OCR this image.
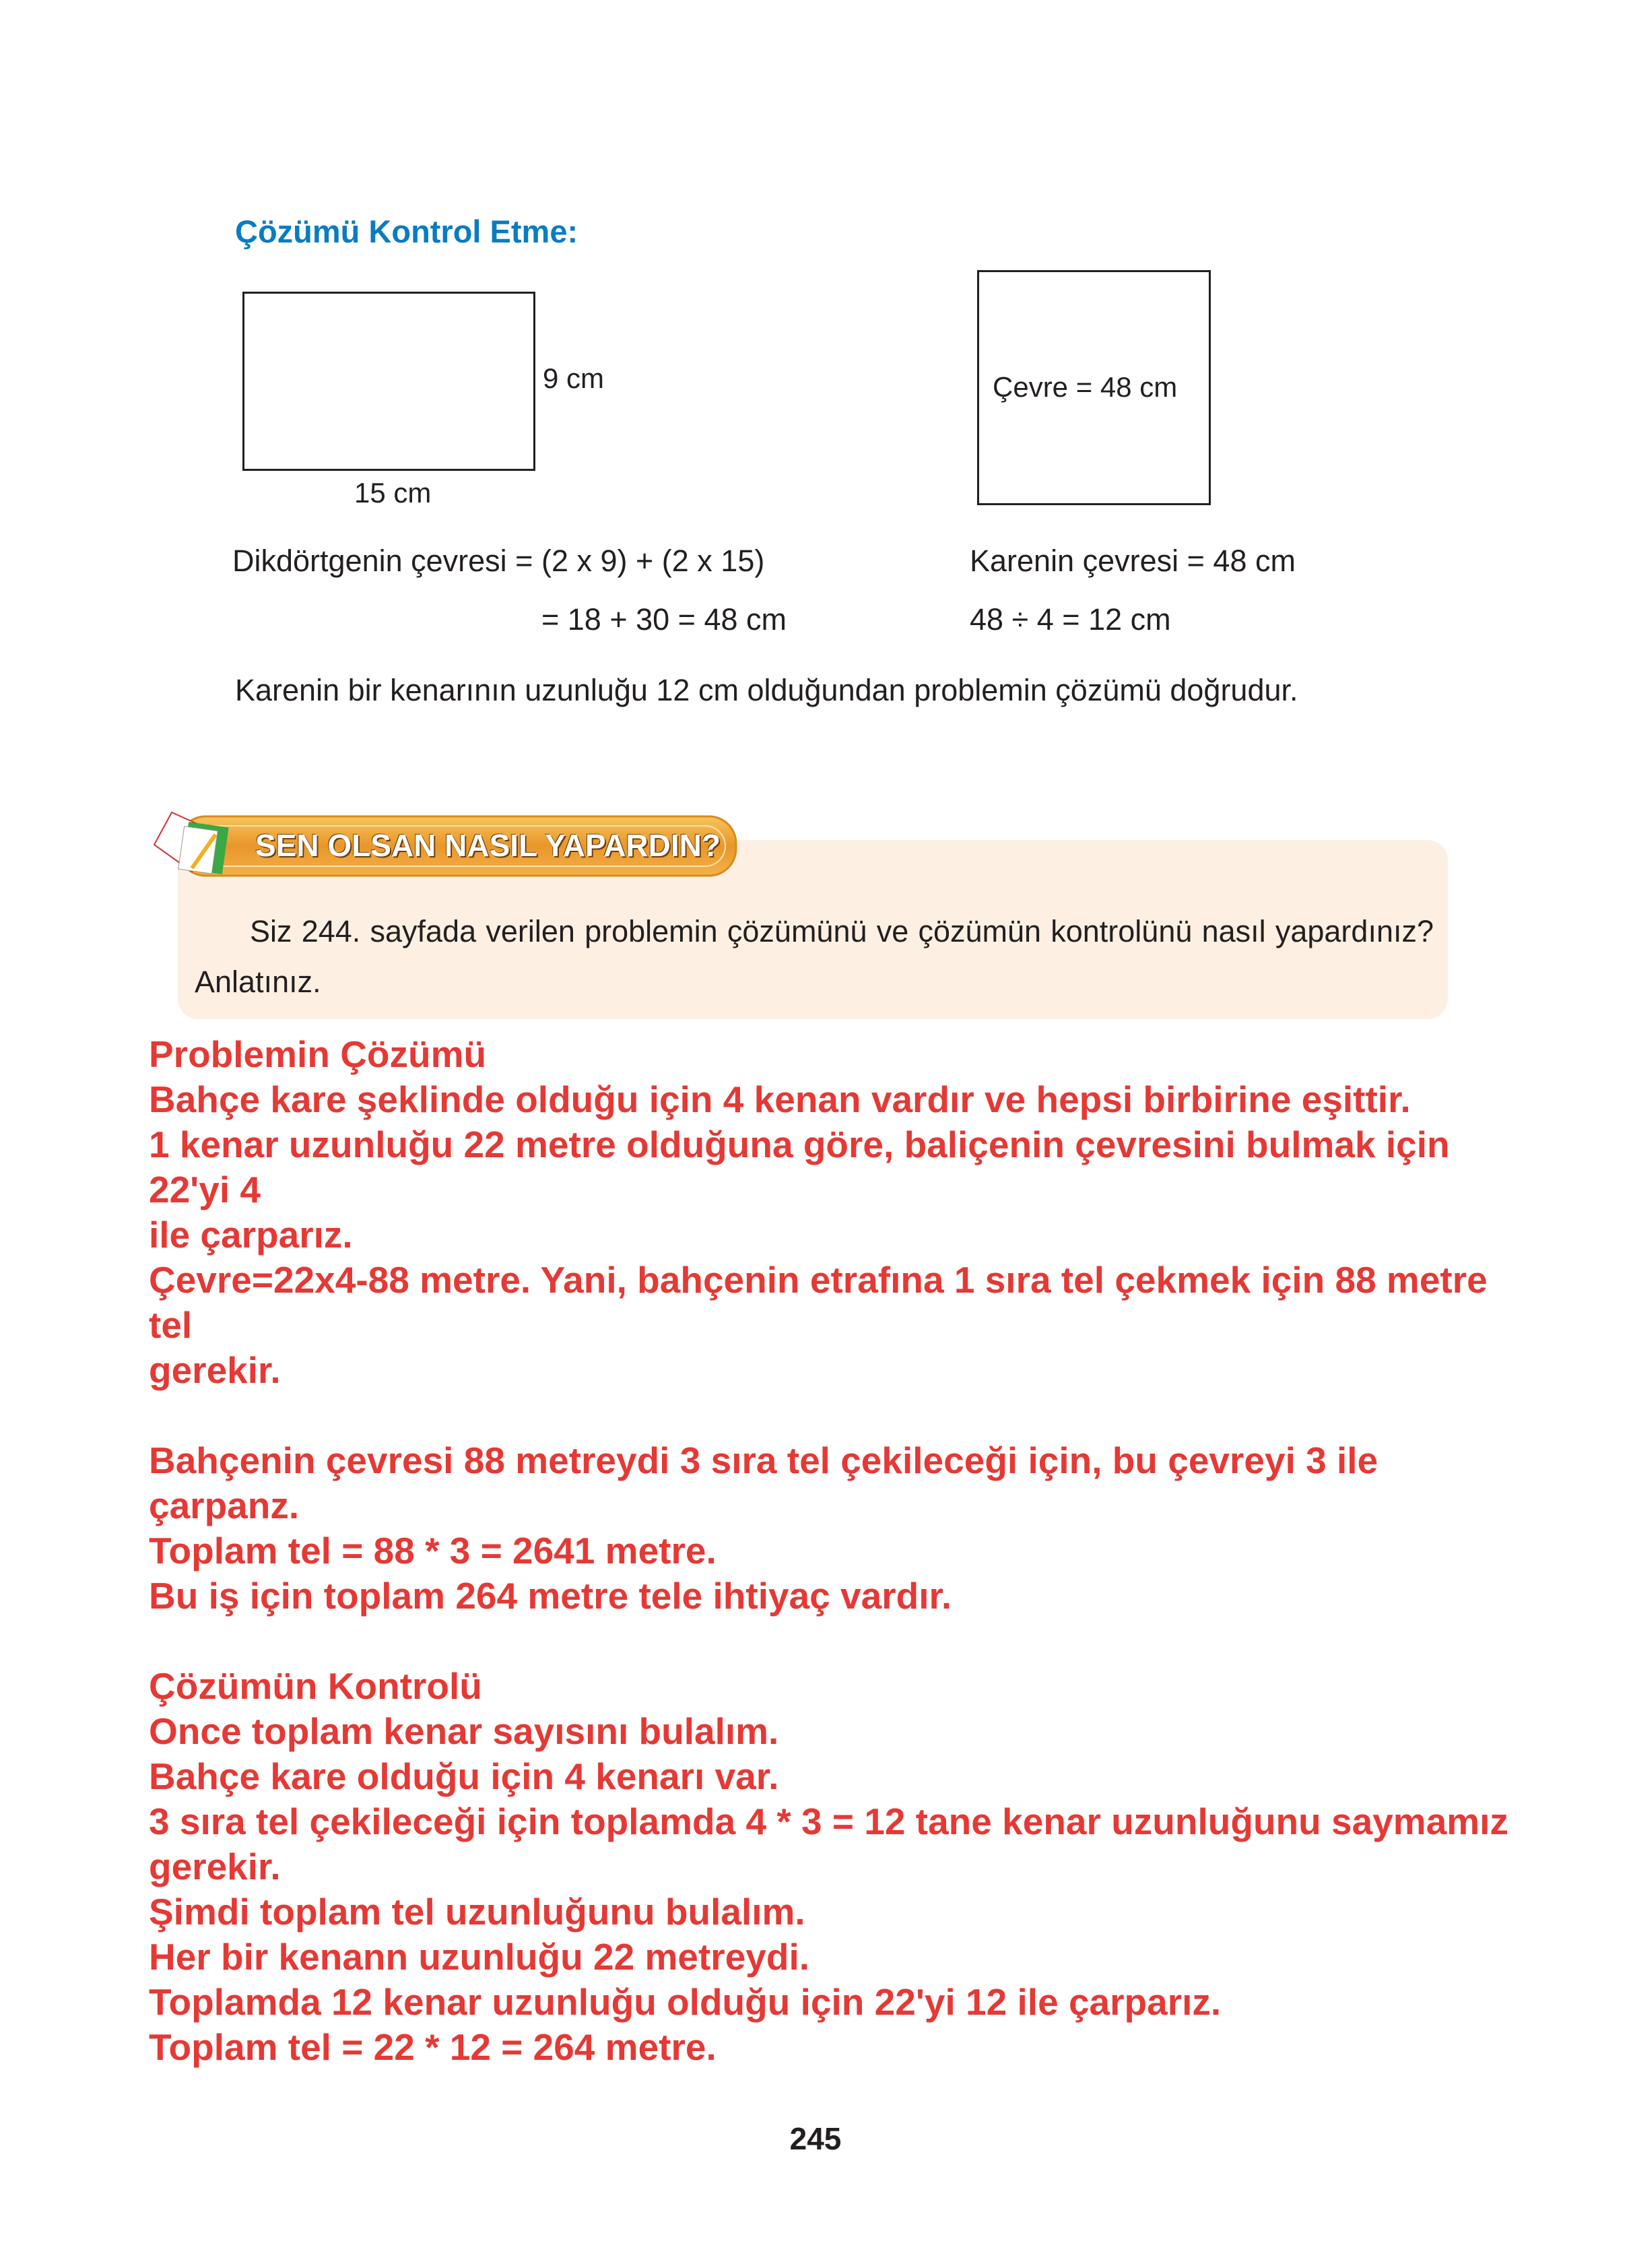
Çözümü Kontrol Etme:
9 cm
15 cm
Çevre = 48 cm
Dikdörtgenin çevresi = (2 x 9) + (2 x 15)
= 18 + 30 = 48 cm
Karenin çevresi = 48 cm
48 ÷ 4 = 12 cm
Karenin bir kenarının uzunluğu 12 cm olduğundan problemin çözümü doğrudur.
SEN OLSAN NASIL YAPARDIN?
Siz 244. sayfada verilen problemin çözümünü ve çözümün kontrolünü nasıl yapardınız? Anlatınız.
Problemin Çözümü
Bahçe kare şeklinde olduğu için 4 kenan vardır ve hepsi birbirine eşittir.
1 kenar uzunluğu 22 metre olduğuna göre, baliçenin çevresini bulmak için
22'yi 4
ile çarparız.
Çevre=22x4-88 metre. Yani, bahçenin etrafına 1 sıra tel çekmek için 88 metre
tel
gerekir.
Bahçenin çevresi 88 metreydi 3 sıra tel çekileceği için, bu çevreyi 3 ile
çarpanz.
Toplam tel = 88 * 3 = 2641 metre.
Bu iş için toplam 264 metre tele ihtiyaç vardır.
Çözümün Kontrolü
Once toplam kenar sayısını bulalım.
Bahçe kare olduğu için 4 kenarı var.
3 sıra tel çekileceği için toplamda 4 * 3 = 12 tane kenar uzunluğunu saymamız
gerekir.
Şimdi toplam tel uzunluğunu bulalım.
Her bir kenann uzunluğu 22 metreydi.
Toplamda 12 kenar uzunluğu olduğu için 22'yi 12 ile çarparız.
Toplam tel = 22 * 12 = 264 metre.
245
